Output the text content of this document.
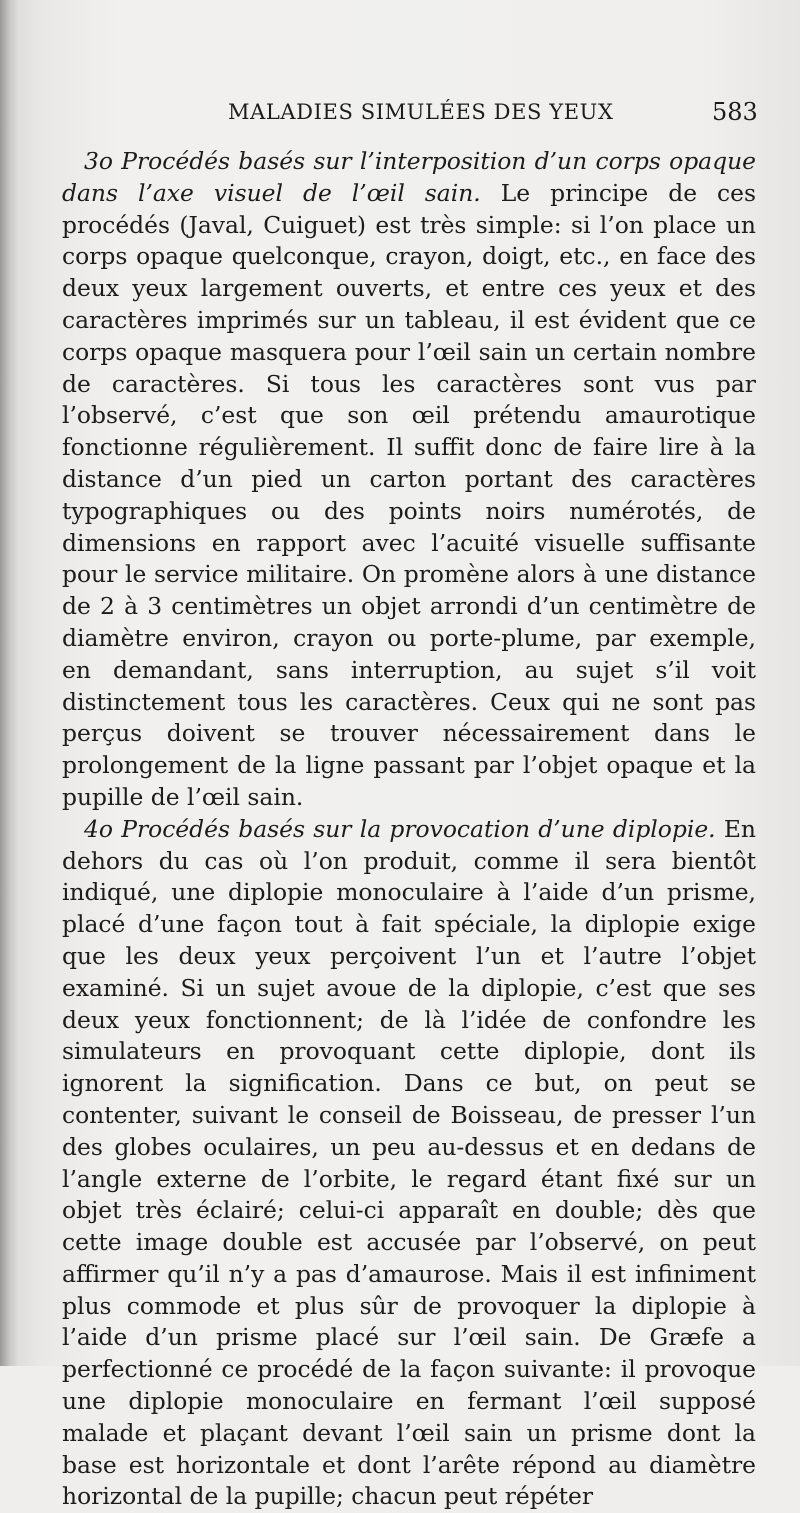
MALADIES SIMULÉES DES YEUX	583

3o Procédés basés sur l’interposition d’un corps opaque dans l’axe visuel de l’œil sain. Le principe de ces procédés (Javal, Cuiguet) est très simple: si l’on place un corps opaque quelconque, crayon, doigt, etc., en face des deux yeux largement ouverts, et entre ces yeux et des caractères imprimés sur un tableau, il est évident que ce corps opaque masquera pour l’œil sain un certain nombre de caractères. Si tous les caractères sont vus par l’observé, c’est que son œil prétendu amaurotique fonctionne régulièrement. Il suffit donc de faire lire à la distance d’un pied un carton portant des caractères typographiques ou des points noirs numérotés, de dimensions en rapport avec l’acuité visuelle suffisante pour le service militaire. On promène alors à une distance de 2 à 3 centimètres un objet arrondi d’un centimètre de diamètre environ, crayon ou porte-plume, par exemple, en demandant, sans interruption, au sujet s’il voit distinctement tous les caractères. Ceux qui ne sont pas perçus doivent se trouver nécessairement dans le prolongement de la ligne passant par l’objet opaque et la pupille de l’œil sain.

4o Procédés basés sur la provocation d’une diplopie. En dehors du cas où l’on produit, comme il sera bientôt indiqué, une diplopie monoculaire à l’aide d’un prisme, placé d’une façon tout à fait spéciale, la diplopie exige que les deux yeux perçoivent l’un et l’autre l’objet examiné. Si un sujet avoue de la diplopie, c’est que ses deux yeux fonctionnent; de là l’idée de confondre les simulateurs en provoquant cette diplopie, dont ils ignorent la signification. Dans ce but, on peut se contenter, suivant le conseil de Boisseau, de presser l’un des globes oculaires, un peu au-dessus et en dedans de l’angle externe de l’orbite, le regard étant fixé sur un objet très éclairé; celui-ci apparaît en double; dès que cette image double est accusée par l’observé, on peut affirmer qu’il n’y a pas d’amaurose. Mais il est infiniment plus commode et plus sûr de provoquer la diplopie à l’aide d’un prisme placé sur l’œil sain. De Græfe a perfectionné ce procédé de la façon suivante: il provoque une diplopie monoculaire en fermant l’œil supposé malade et plaçant devant l’œil sain un prisme dont la base est horizontale et dont l’arête répond au diamètre horizontal de la pupille; chacun peut répéter
